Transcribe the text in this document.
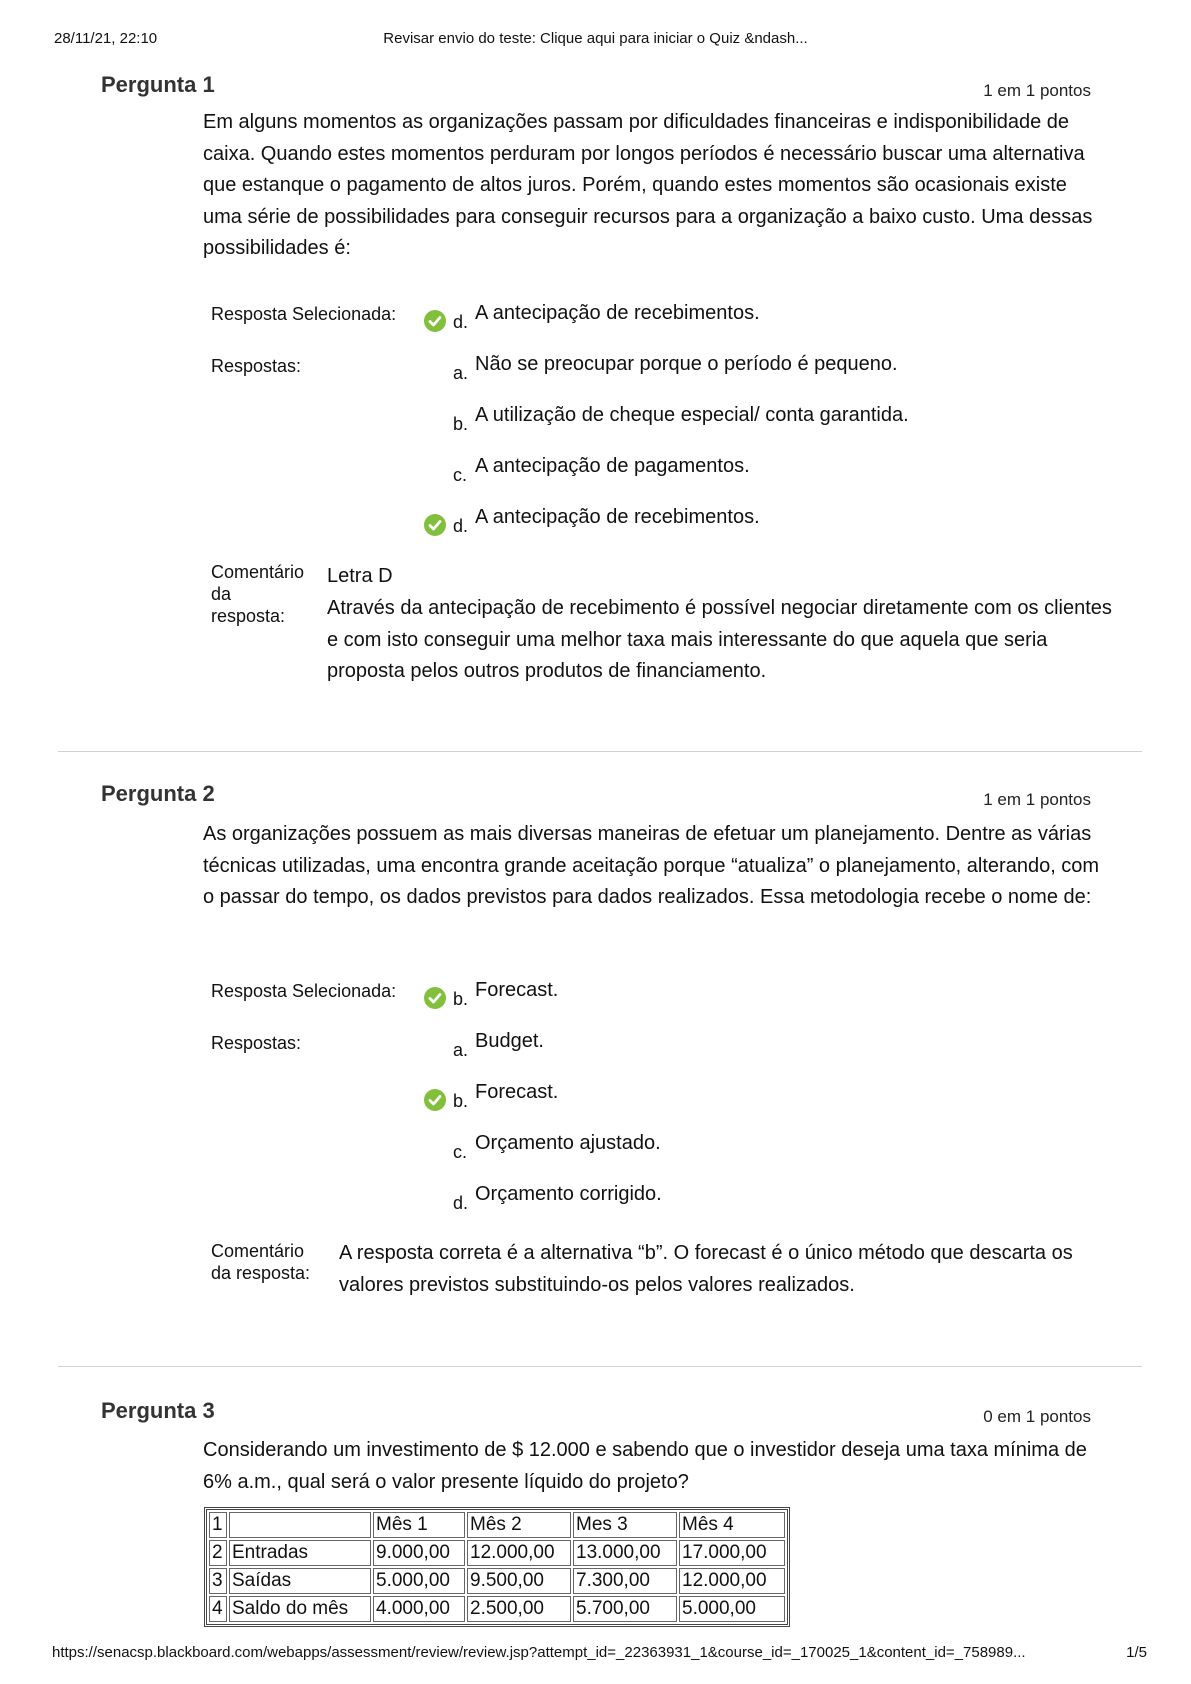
28/11/21, 22:10	Revisar envio do teste: Clique aqui para iniciar o Quiz &ndash...
Pergunta 1	1 em 1 pontos
Em alguns momentos as organizações passam por dificuldades financeiras e indisponibilidade de caixa. Quando estes momentos perduram por longos períodos é necessário buscar uma alternativa que estanque o pagamento de altos juros. Porém, quando estes momentos são ocasionais existe uma série de possibilidades para conseguir recursos para a organização a baixo custo. Uma dessas possibilidades é:
Resposta Selecionada:	d. A antecipação de recebimentos.
Respostas:	a. Não se preocupar porque o período é pequeno.
b. A utilização de cheque especial/ conta garantida.
c. A antecipação de pagamentos.
d. A antecipação de recebimentos.
Comentário
da
resposta:
Letra D
Através da antecipação de recebimento é possível negociar diretamente com os clientes e com isto conseguir uma melhor taxa mais interessante do que aquela que seria proposta pelos outros produtos de financiamento.
Pergunta 2	1 em 1 pontos
As organizações possuem as mais diversas maneiras de efetuar um planejamento. Dentre as várias técnicas utilizadas, uma encontra grande aceitação porque “atualiza” o planejamento, alterando, com o passar do tempo, os dados previstos para dados realizados. Essa metodologia recebe o nome de:
Resposta Selecionada:	b. Forecast.
Respostas:	a. Budget.
b. Forecast.
c. Orçamento ajustado.
d. Orçamento corrigido.
Comentário
da resposta:
A resposta correta é a alternativa “b”. O forecast é o único método que descarta os valores previstos substituindo-os pelos valores realizados.
Pergunta 3	0 em 1 pontos
Considerando um investimento de $ 12.000 e sabendo que o investidor deseja uma taxa mínima de 6% a.m., qual será o valor presente líquido do projeto?
1		Mês 1	Mês 2	Mes 3	Mês 4
2	Entradas	9.000,00	12.000,00	13.000,00	17.000,00
3	Saídas	5.000,00	9.500,00	7.300,00	12.000,00
4	Saldo do mês	4.000,00	2.500,00	5.700,00	5.000,00
https://senacsp.blackboard.com/webapps/assessment/review/review.jsp?attempt_id=_22363931_1&course_id=_170025_1&content_id=_758989...	1/5
